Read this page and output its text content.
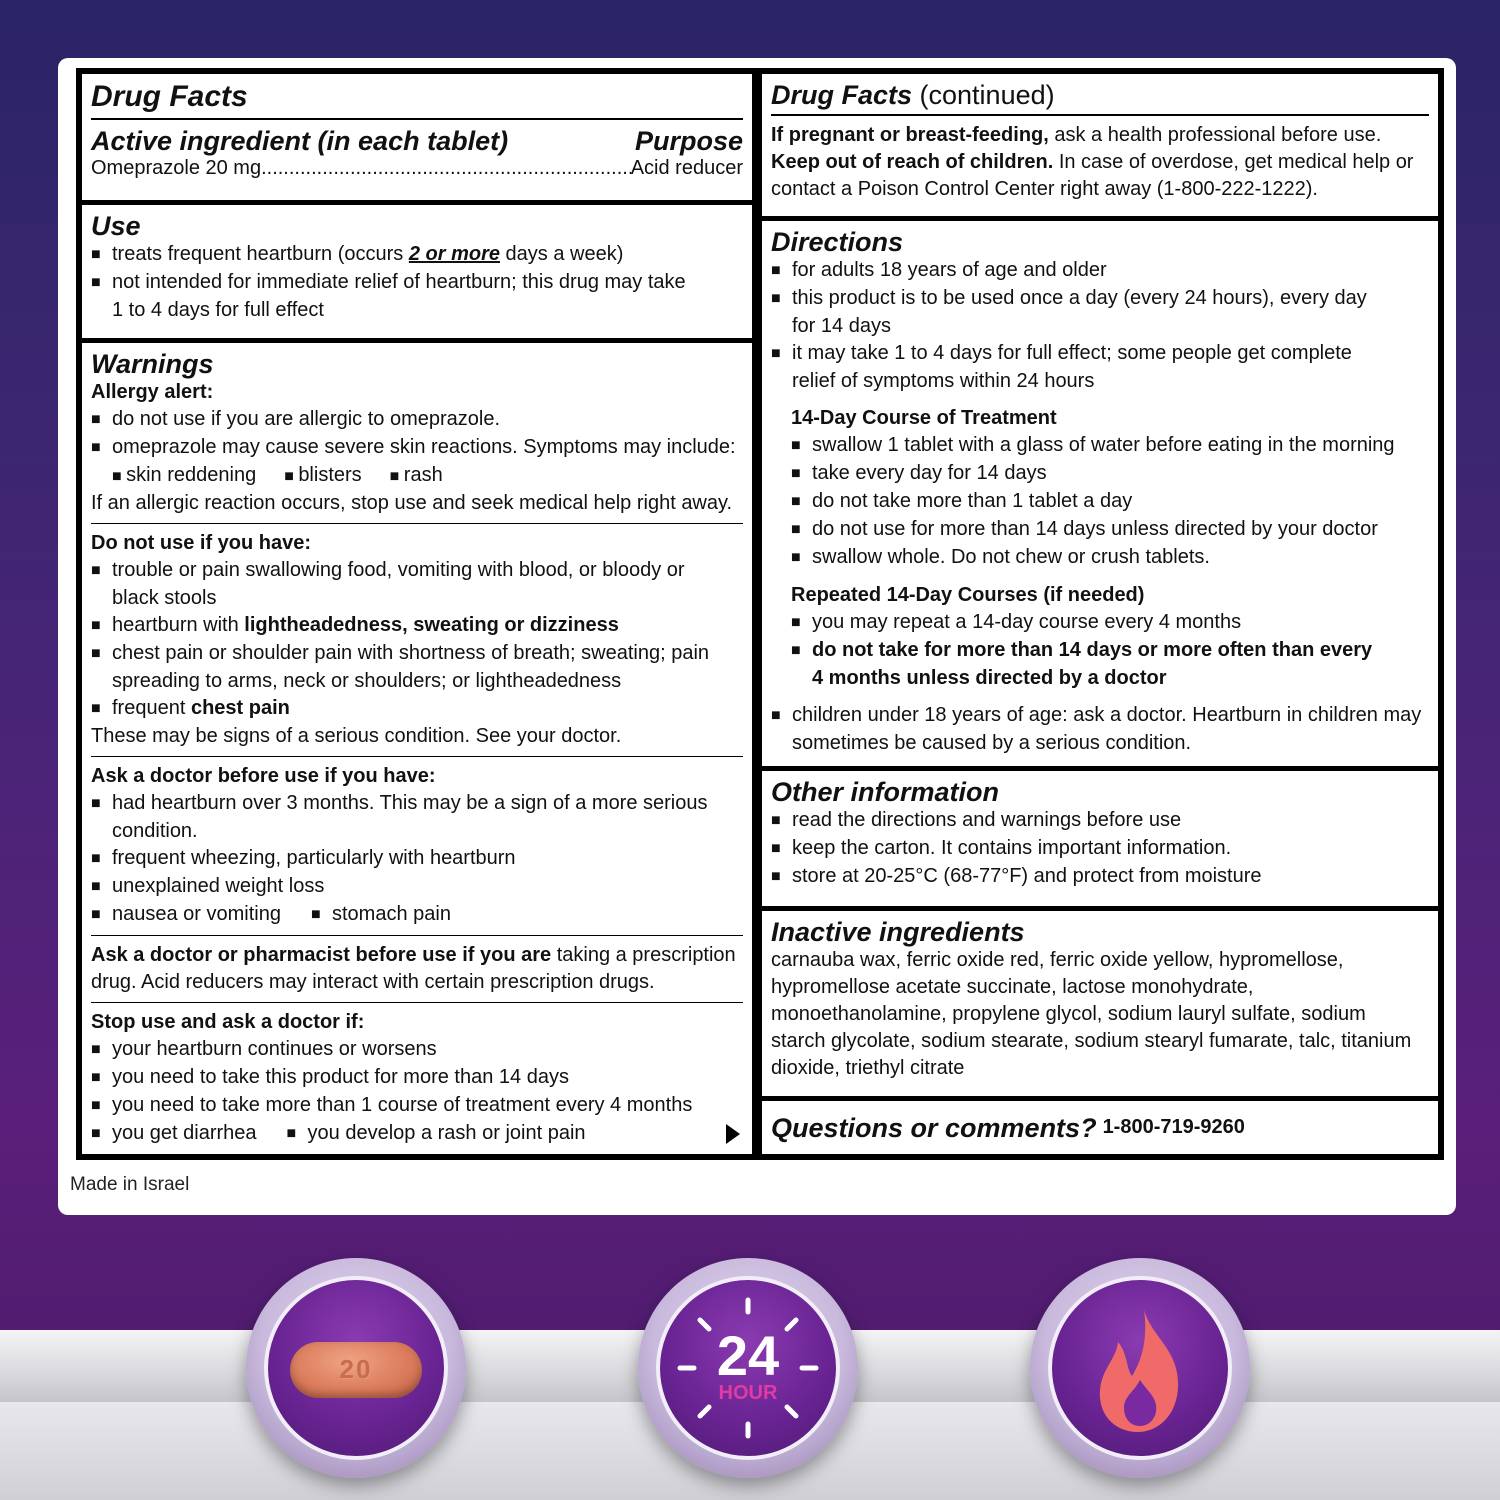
Drug Facts

Active ingredient (in each tablet)	Purpose

Omeprazole 20 mg .....	Acid reducer

Use

■
treats frequent heartburn (occurs 2 or more days a week)
■
not intended for immediate relief of heartburn; this drug may take

1 to 4 days for full effect

Warnings

Allergy alert:

■
do not use if you are allergic to omeprazole.
■
omeprazole may cause severe skin reactions. Symptoms may include:
■ skin reddening	■ blisters	■ rash

If an allergic reaction occurs, stop use and seek medical help right away.

Do not use if you have:

■
trouble or pain swallowing food, vomiting with blood, or bloody or

black stools

■
heartburn with lightheadedness, sweating or dizziness
■
chest pain or shoulder pain with shortness of breath; sweating; pain

spreading to arms, neck or shoulders; or lightheadedness

■
frequent chest pain

These may be signs of a serious condition. See your doctor.

Ask a doctor before use if you have:

■
had heartburn over 3 months. This may be a sign of a more serious

condition.

■
frequent wheezing, particularly with heartburn
■
unexplained weight loss
■
nausea or vomiting ■	stomach pain

Ask a doctor or pharmacist before use if you are taking a prescription

drug. Acid reducers may interact with certain prescription drugs.

Stop use and ask a doctor if:

■
your heartburn continues or worsens
■
you need to take this product for more than 14 days
■
you need to take more than 1 course of treatment every 4 months
■
you get diarrhea ■	you develop a rash or joint pain

Drug Facts (continued)

If pregnant or breast-feeding, ask a health professional before use.

Keep out of reach of children. In case of overdose, get medical help or

contact a Poison Control Center right away (1-800-222-1222).

Directions

■
for adults 18 years of age and older
■
this product is to be used once a day (every 24 hours), every day

for 14 days

■
it may take 1 to 4 days for full effect; some people get complete

relief of symptoms within 24 hours

14-Day Course of Treatment

■
swallow 1 tablet with a glass of water before eating in the morning
■
take every day for 14 days
■
do not take more than 1 tablet a day
■
do not use for more than 14 days unless directed by your doctor
■
swallow whole. Do not chew or crush tablets.

Repeated 14-Day Courses (if needed)

■
you may repeat a 14-day course every 4 months
■
do not take for more than 14 days or more often than every

4 months unless directed by a doctor

■
children under 18 years of age: ask a doctor. Heartburn in children may

sometimes be caused by a serious condition.

Other information

■
read the directions and warnings before use
■
keep the carton. It contains important information.
■
store at 20-25°C (68-77°F) and protect from moisture

Inactive ingredients

carnauba wax, ferric oxide red, ferric oxide yellow, hypromellose,

hypromellose acetate succinate, lactose monohydrate,

monoethanolamine, propylene glycol, sodium lauryl sulfate, sodium

starch glycolate, sodium stearate, sodium stearyl fumarate, talc, titanium

dioxide, triethyl citrate

Questions or comments? 1-800-719-9260
Made in Israel
20	24
HOUR
